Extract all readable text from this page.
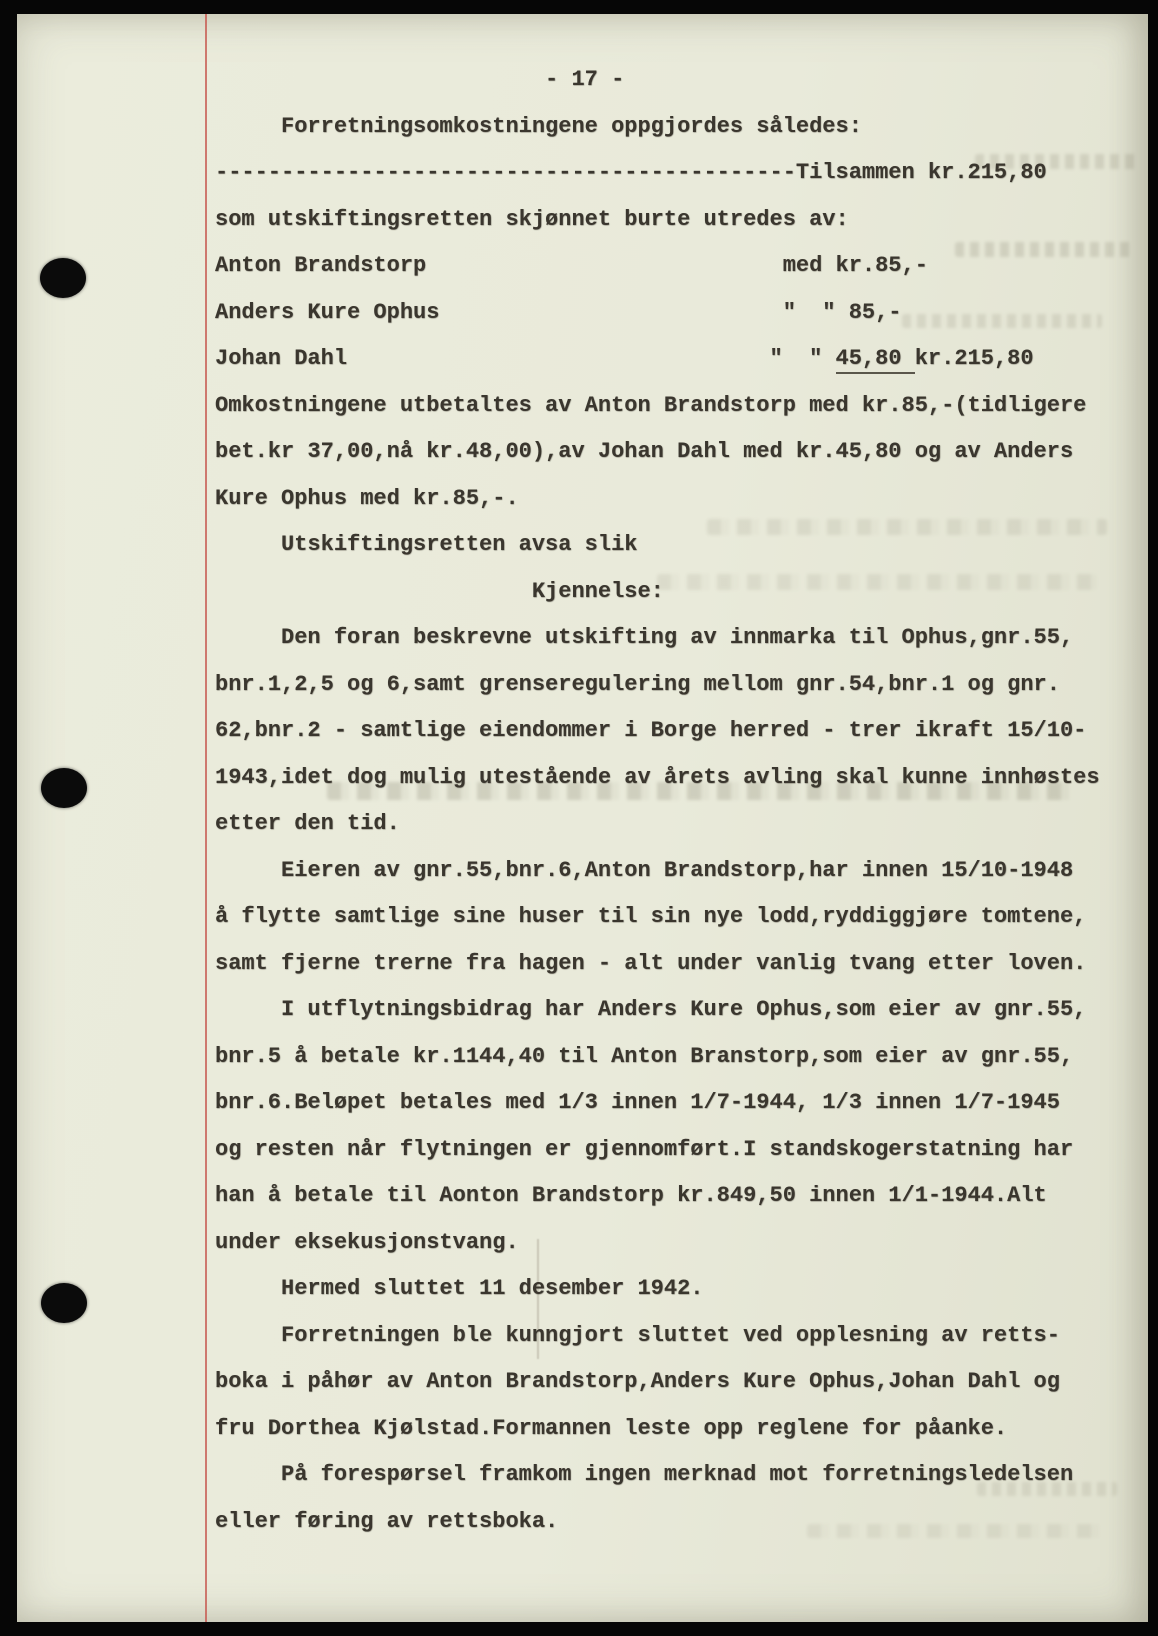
- 17 -
Forretningsomkostningene oppgjordes således:
--------------------------------------------Tilsammen kr.215,80
som utskiftingsretten skjønnet burte utredes av:
Anton Brandstorp                           med kr.85,-
Anders Kure Ophus                          "  " 85,-
Johan Dahl                                "  " 45,80 kr.215,80
Omkostningene utbetaltes av Anton Brandstorp med kr.85,-(tidligere
bet.kr 37,00,nå kr.48,00),av Johan Dahl med kr.45,80 og av Anders
Kure Ophus med kr.85,-.
Utskiftingsretten avsa slik
Kjennelse:
Den foran beskrevne utskifting av innmarka til Ophus,gnr.55,
bnr.1,2,5 og 6,samt grenseregulering mellom gnr.54,bnr.1 og gnr.
62,bnr.2 - samtlige eiendommer i Borge herred - trer ikraft 15/10-
1943,idet dog mulig utestående av årets avling skal kunne innhøstes
etter den tid.
Eieren av gnr.55,bnr.6,Anton Brandstorp,har innen 15/10-1948
å flytte samtlige sine huser til sin nye lodd,ryddiggjøre tomtene,
samt fjerne trerne fra hagen - alt under vanlig tvang etter loven.
I utflytningsbidrag har Anders Kure Ophus,som eier av gnr.55,
bnr.5 å betale kr.1144,40 til Anton Branstorp,som eier av gnr.55,
bnr.6.Beløpet betales med 1/3 innen 1/7-1944, 1/3 innen 1/7-1945
og resten når flytningen er gjennomført.I standskogerstatning har
han å betale til Aonton Brandstorp kr.849,50 innen 1/1-1944.Alt
under eksekusjonstvang.
Hermed sluttet 11 desember 1942.
Forretningen ble kunngjort sluttet ved opplesning av retts-
boka i påhør av Anton Brandstorp,Anders Kure Ophus,Johan Dahl og
fru Dorthea Kjølstad.Formannen leste opp reglene for påanke.
På forespørsel framkom ingen merknad mot forretningsledelsen
eller føring av rettsboka.
